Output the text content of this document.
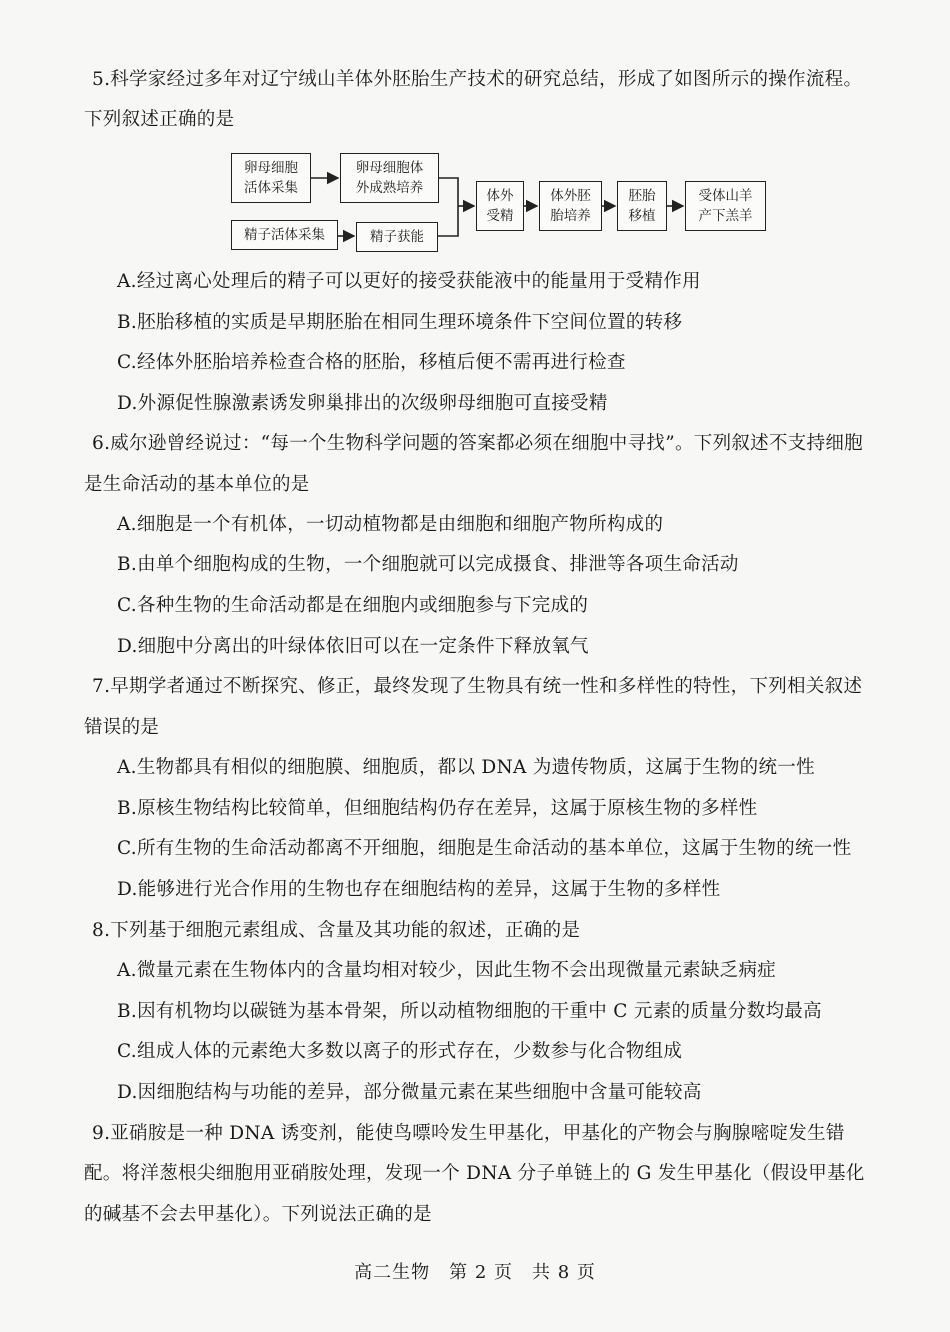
5.科学家经过多年对辽宁绒山羊体外胚胎生产技术的研究总结，形成了如图所示的操作流程。
下列叙述正确的是
卵母细胞
活体采集
卵母细胞体
外成熟培养
精子活体采集	精子获能
体外
受精
体外胚
胎培养
胚胎
移植
受体山羊
产下羔羊
A.经过离心处理后的精子可以更好的接受获能液中的能量用于受精作用
B.胚胎移植的实质是早期胚胎在相同生理环境条件下空间位置的转移
C.经体外胚胎培养检查合格的胚胎，移植后便不需再进行检查
D.外源促性腺激素诱发卵巢排出的次级卵母细胞可直接受精
6.威尔逊曾经说过：“每一个生物科学问题的答案都必须在细胞中寻找”。下列叙述不支持细胞
是生命活动的基本单位的是
A.细胞是一个有机体，一切动植物都是由细胞和细胞产物所构成的
B.由单个细胞构成的生物，一个细胞就可以完成摄食、排泄等各项生命活动
C.各种生物的生命活动都是在细胞内或细胞参与下完成的
D.细胞中分离出的叶绿体依旧可以在一定条件下释放氧气
7.早期学者通过不断探究、修正，最终发现了生物具有统一性和多样性的特性，下列相关叙述
错误的是
A.生物都具有相似的细胞膜、细胞质，都以 DNA 为遗传物质，这属于生物的统一性
B.原核生物结构比较简单，但细胞结构仍存在差异，这属于原核生物的多样性
C.所有生物的生命活动都离不开细胞，细胞是生命活动的基本单位，这属于生物的统一性
D.能够进行光合作用的生物也存在细胞结构的差异，这属于生物的多样性
8.下列基于细胞元素组成、含量及其功能的叙述，正确的是
A.微量元素在生物体内的含量均相对较少，因此生物不会出现微量元素缺乏病症
B.因有机物均以碳链为基本骨架，所以动植物细胞的干重中 C 元素的质量分数均最高
C.组成人体的元素绝大多数以离子的形式存在，少数参与化合物组成
D.因细胞结构与功能的差异，部分微量元素在某些细胞中含量可能较高
9.亚硝胺是一种 DNA 诱变剂，能使鸟嘌呤发生甲基化，甲基化的产物会与胸腺嘧啶发生错
配。将洋葱根尖细胞用亚硝胺处理，发现一个 DNA 分子单链上的 G 发生甲基化（假设甲基化
的碱基不会去甲基化）。下列说法正确的是
高二生物　第 2 页　共 8 页
